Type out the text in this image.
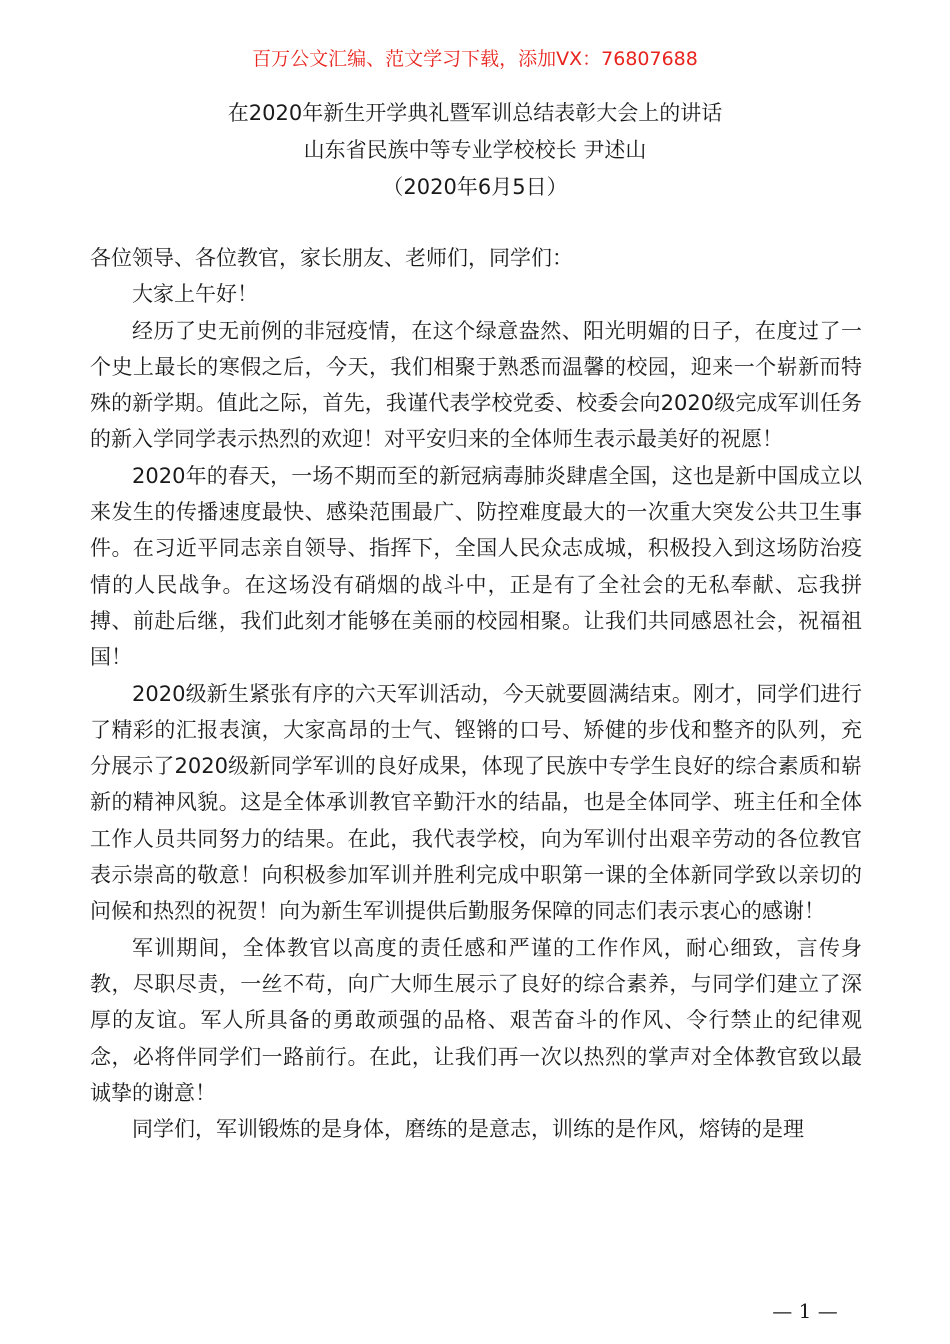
百万公文汇编、范文学习下载，添加VX：76807688
在2020年新生开学典礼暨军训总结表彰大会上的讲话
山东省民族中等专业学校校长 尹述山
（2020年6月5日）

各位领导、各位教官，家长朋友、老师们，同学们：

大家上午好！

经历了史无前例的非冠疫情，在这个绿意盎然、阳光明媚的日子，在度过了一个史上最长的寒假之后，今天，我们相聚于熟悉而温馨的校园，迎来一个崭新而特殊的新学期。值此之际，首先，我谨代表学校党委、校委会向2020级完成军训任务的新入学同学表示热烈的欢迎！对平安归来的全体师生表示最美好的祝愿！

2020年的春天，一场不期而至的新冠病毒肺炎肆虐全国，这也是新中国成立以来发生的传播速度最快、感染范围最广、防控难度最大的一次重大突发公共卫生事件。在习近平同志亲自领导、指挥下，全国人民众志成城，积极投入到这场防治疫情的人民战争。在这场没有硝烟的战斗中，正是有了全社会的无私奉献、忘我拼搏、前赴后继，我们此刻才能够在美丽的校园相聚。让我们共同感恩社会，祝福祖国！

2020级新生紧张有序的六天军训活动，今天就要圆满结束。刚才，同学们进行了精彩的汇报表演，大家高昂的士气、铿锵的口号、矫健的步伐和整齐的队列，充分展示了2020级新同学军训的良好成果，体现了民族中专学生良好的综合素质和崭新的精神风貌。这是全体承训教官辛勤汗水的结晶，也是全体同学、班主任和全体工作人员共同努力的结果。在此，我代表学校，向为军训付出艰辛劳动的各位教官表示崇高的敬意！向积极参加军训并胜利完成中职第一课的全体新同学致以亲切的问候和热烈的祝贺！向为新生军训提供后勤服务保障的同志们表示衷心的感谢！

军训期间，全体教官以高度的责任感和严谨的工作作风，耐心细致，言传身教，尽职尽责，一丝不苟，向广大师生展示了良好的综合素养，与同学们建立了深厚的友谊。军人所具备的勇敢顽强的品格、艰苦奋斗的作风、令行禁止的纪律观念，必将伴同学们一路前行。在此，让我们再一次以热烈的掌声对全体教官致以最诚挚的谢意！

同学们，军训锻炼的是身体，磨练的是意志，训练的是作风，熔铸的是理

— 1 —
